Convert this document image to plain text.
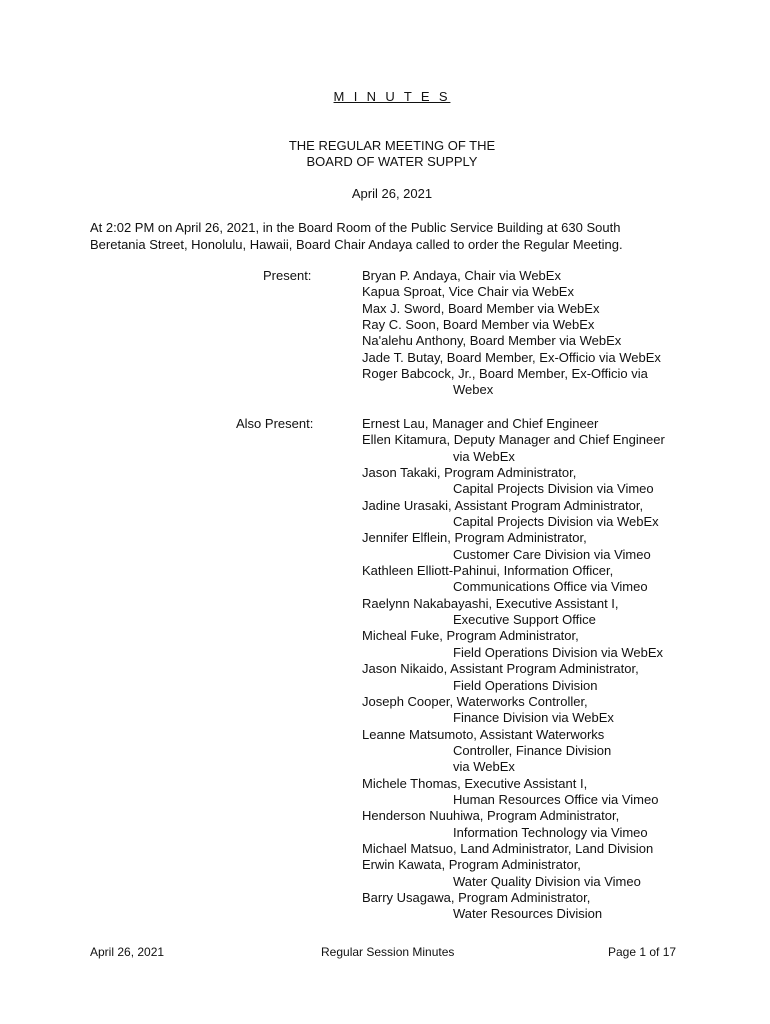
M I N U T E S
THE REGULAR MEETING OF THE
BOARD OF WATER SUPPLY
April 26, 2021
At 2:02 PM on April 26, 2021, in the Board Room of the Public Service Building at 630 South
Beretania Street, Honolulu, Hawaii, Board Chair Andaya called to order the Regular Meeting.
Present:	Bryan P. Andaya, Chair via WebEx
Kapua Sproat, Vice Chair via WebEx
Max J. Sword, Board Member via WebEx
Ray C. Soon, Board Member via WebEx
Na'alehu Anthony, Board Member via WebEx
Jade T. Butay, Board Member, Ex-Officio via WebEx
Roger Babcock, Jr., Board Member, Ex-Officio via
Webex
Also Present:	Ernest Lau, Manager and Chief Engineer
Ellen Kitamura, Deputy Manager and Chief Engineer
via WebEx
Jason Takaki, Program Administrator,
Capital Projects Division via Vimeo
Jadine Urasaki, Assistant Program Administrator,
Capital Projects Division via WebEx
Jennifer Elflein, Program Administrator,
Customer Care Division via Vimeo
Kathleen Elliott-Pahinui, Information Officer,
Communications Office via Vimeo
Raelynn Nakabayashi, Executive Assistant I,
Executive Support Office
Micheal Fuke, Program Administrator,
Field Operations Division via WebEx
Jason Nikaido, Assistant Program Administrator,
Field Operations Division
Joseph Cooper, Waterworks Controller,
Finance Division via WebEx
Leanne Matsumoto, Assistant Waterworks
Controller, Finance Division
via WebEx
Michele Thomas, Executive Assistant I,
Human Resources Office via Vimeo
Henderson Nuuhiwa, Program Administrator,
Information Technology via Vimeo
Michael Matsuo, Land Administrator, Land Division
Erwin Kawata, Program Administrator,
Water Quality Division via Vimeo
Barry Usagawa, Program Administrator,
Water Resources Division
April 26, 2021	Regular Session Minutes	Page 1 of 17
